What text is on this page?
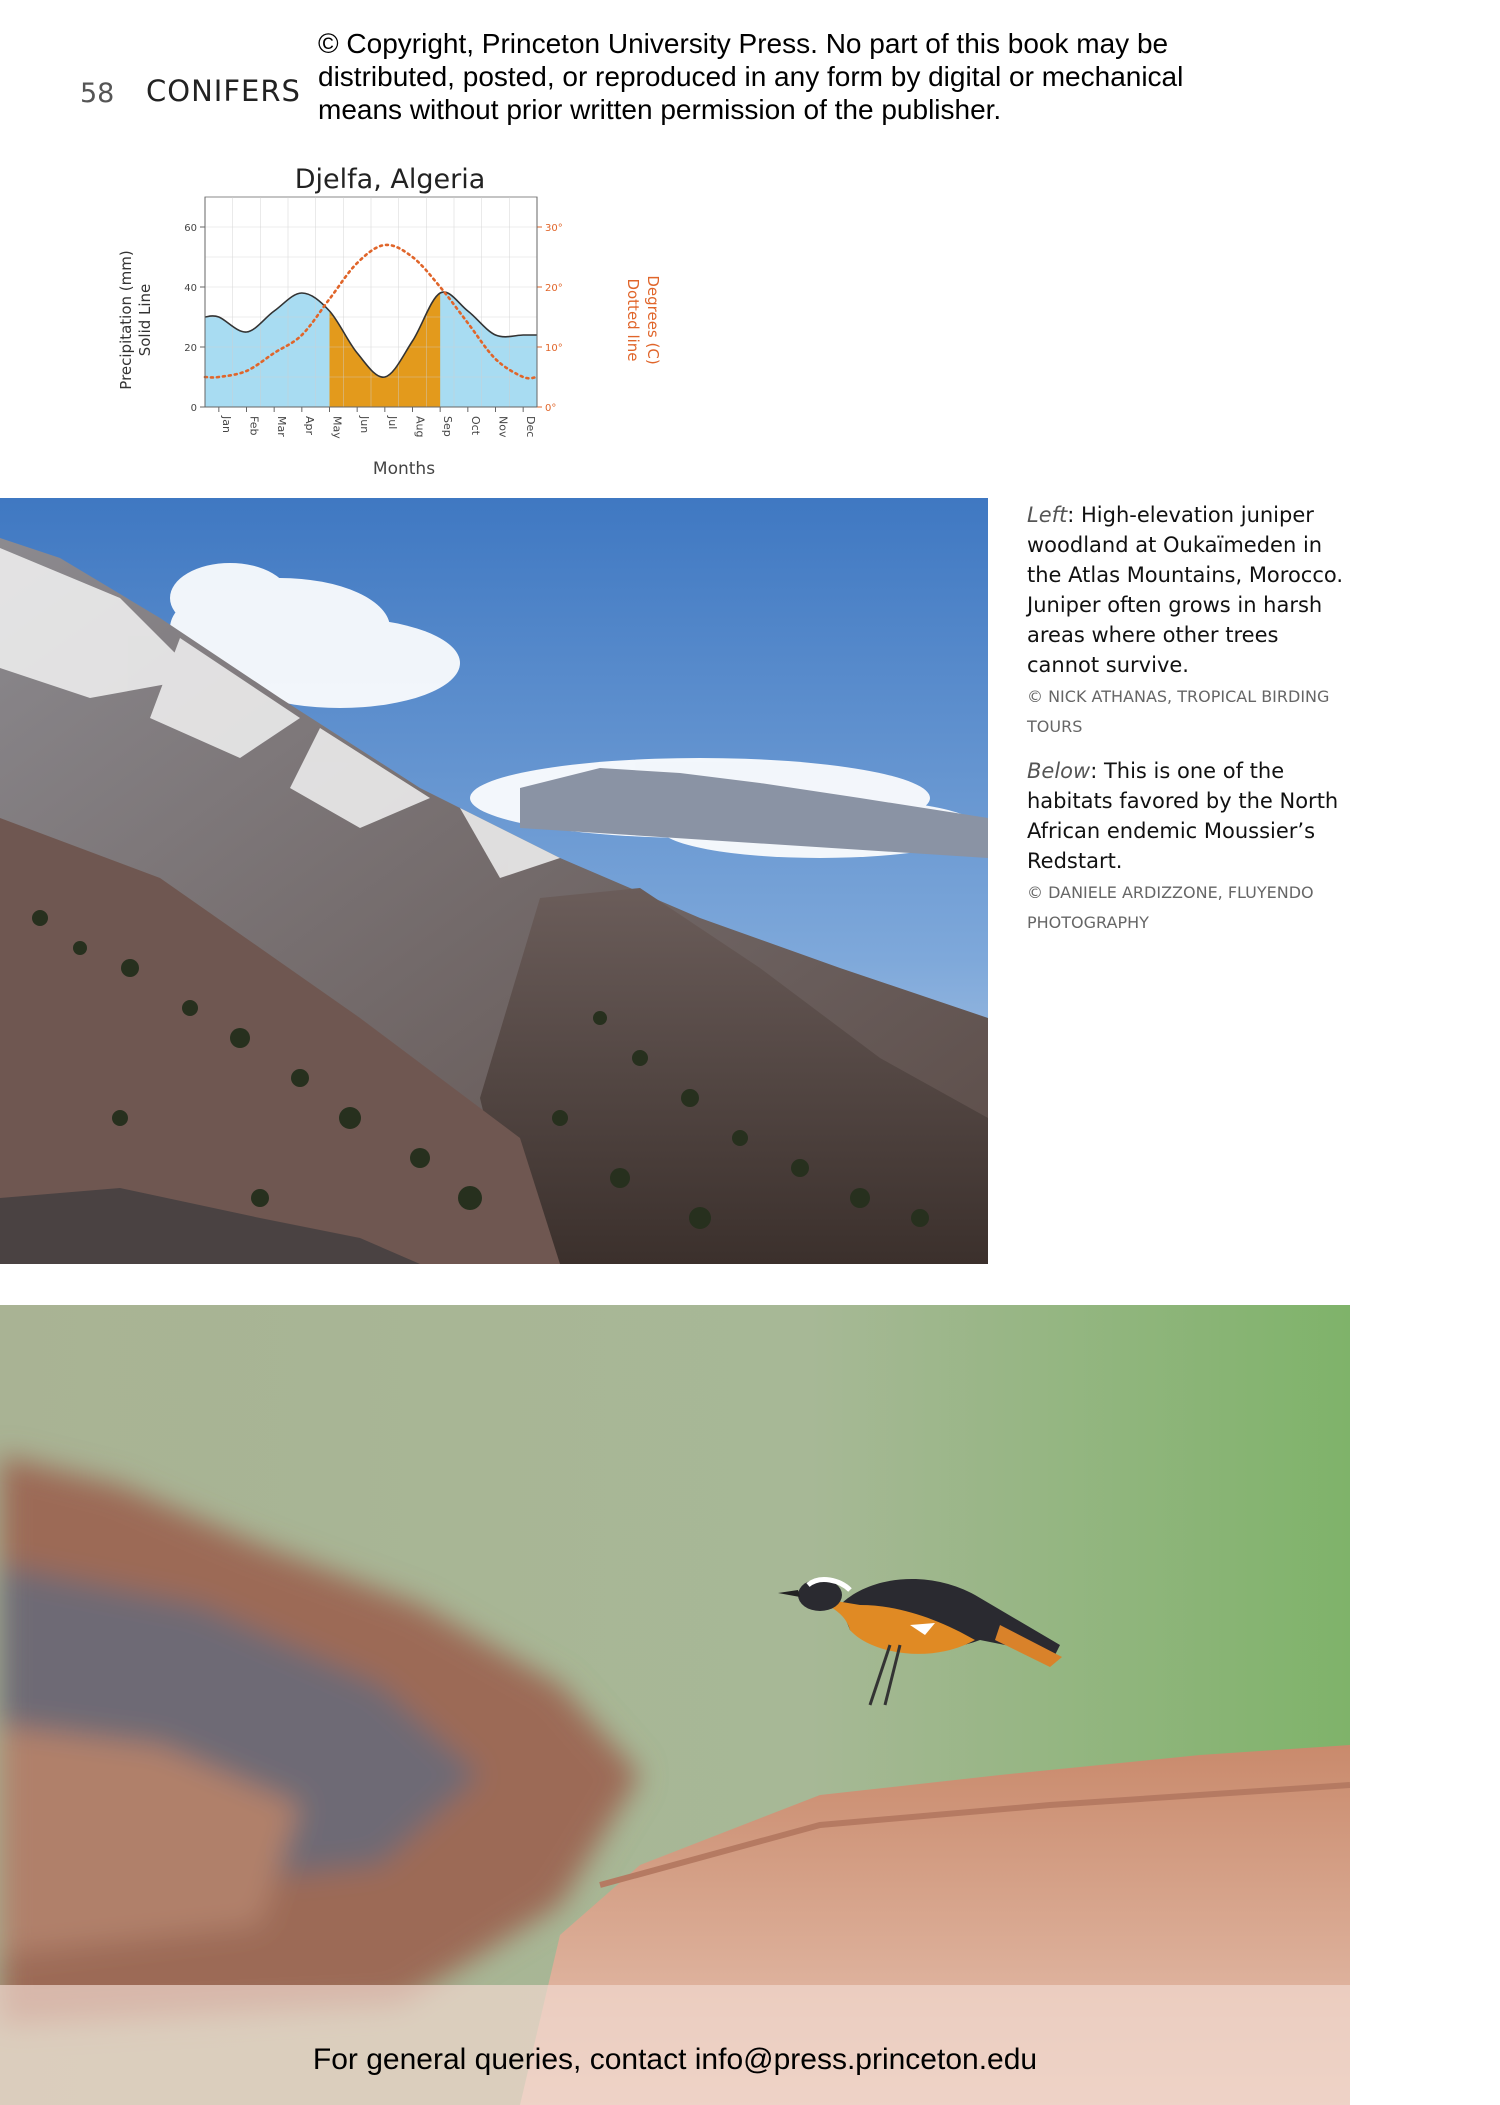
58 CONIFERS
© Copyright, Princeton University Press. No part of this book may be distributed, posted, or reproduced in any form by digital or mechanical means without prior written permission of the publisher.
Djelfa, Algeria
0
20
40
60
0°
10°
20°
30°
Jan Feb Mar Apr May Jun Jul Aug Sep Oct Nov Dec
Months
Precipitation (mm) Solid Line	Degrees (C)
Dotted line
Left: High-elevation juniper woodland at Oukaïmeden in the Atlas Mountains, Morocco. Juniper often grows in harsh areas where other trees cannot survive.
© NICK ATHANAS, TROPICAL BIRDING TOURS
Below: This is one of the habitats favored by the North African endemic Moussier’s Redstart.
© DANIELE ARDIZZONE, FLUYENDO PHOTOGRAPHY
For general queries, contact info@press.princeton.edu
